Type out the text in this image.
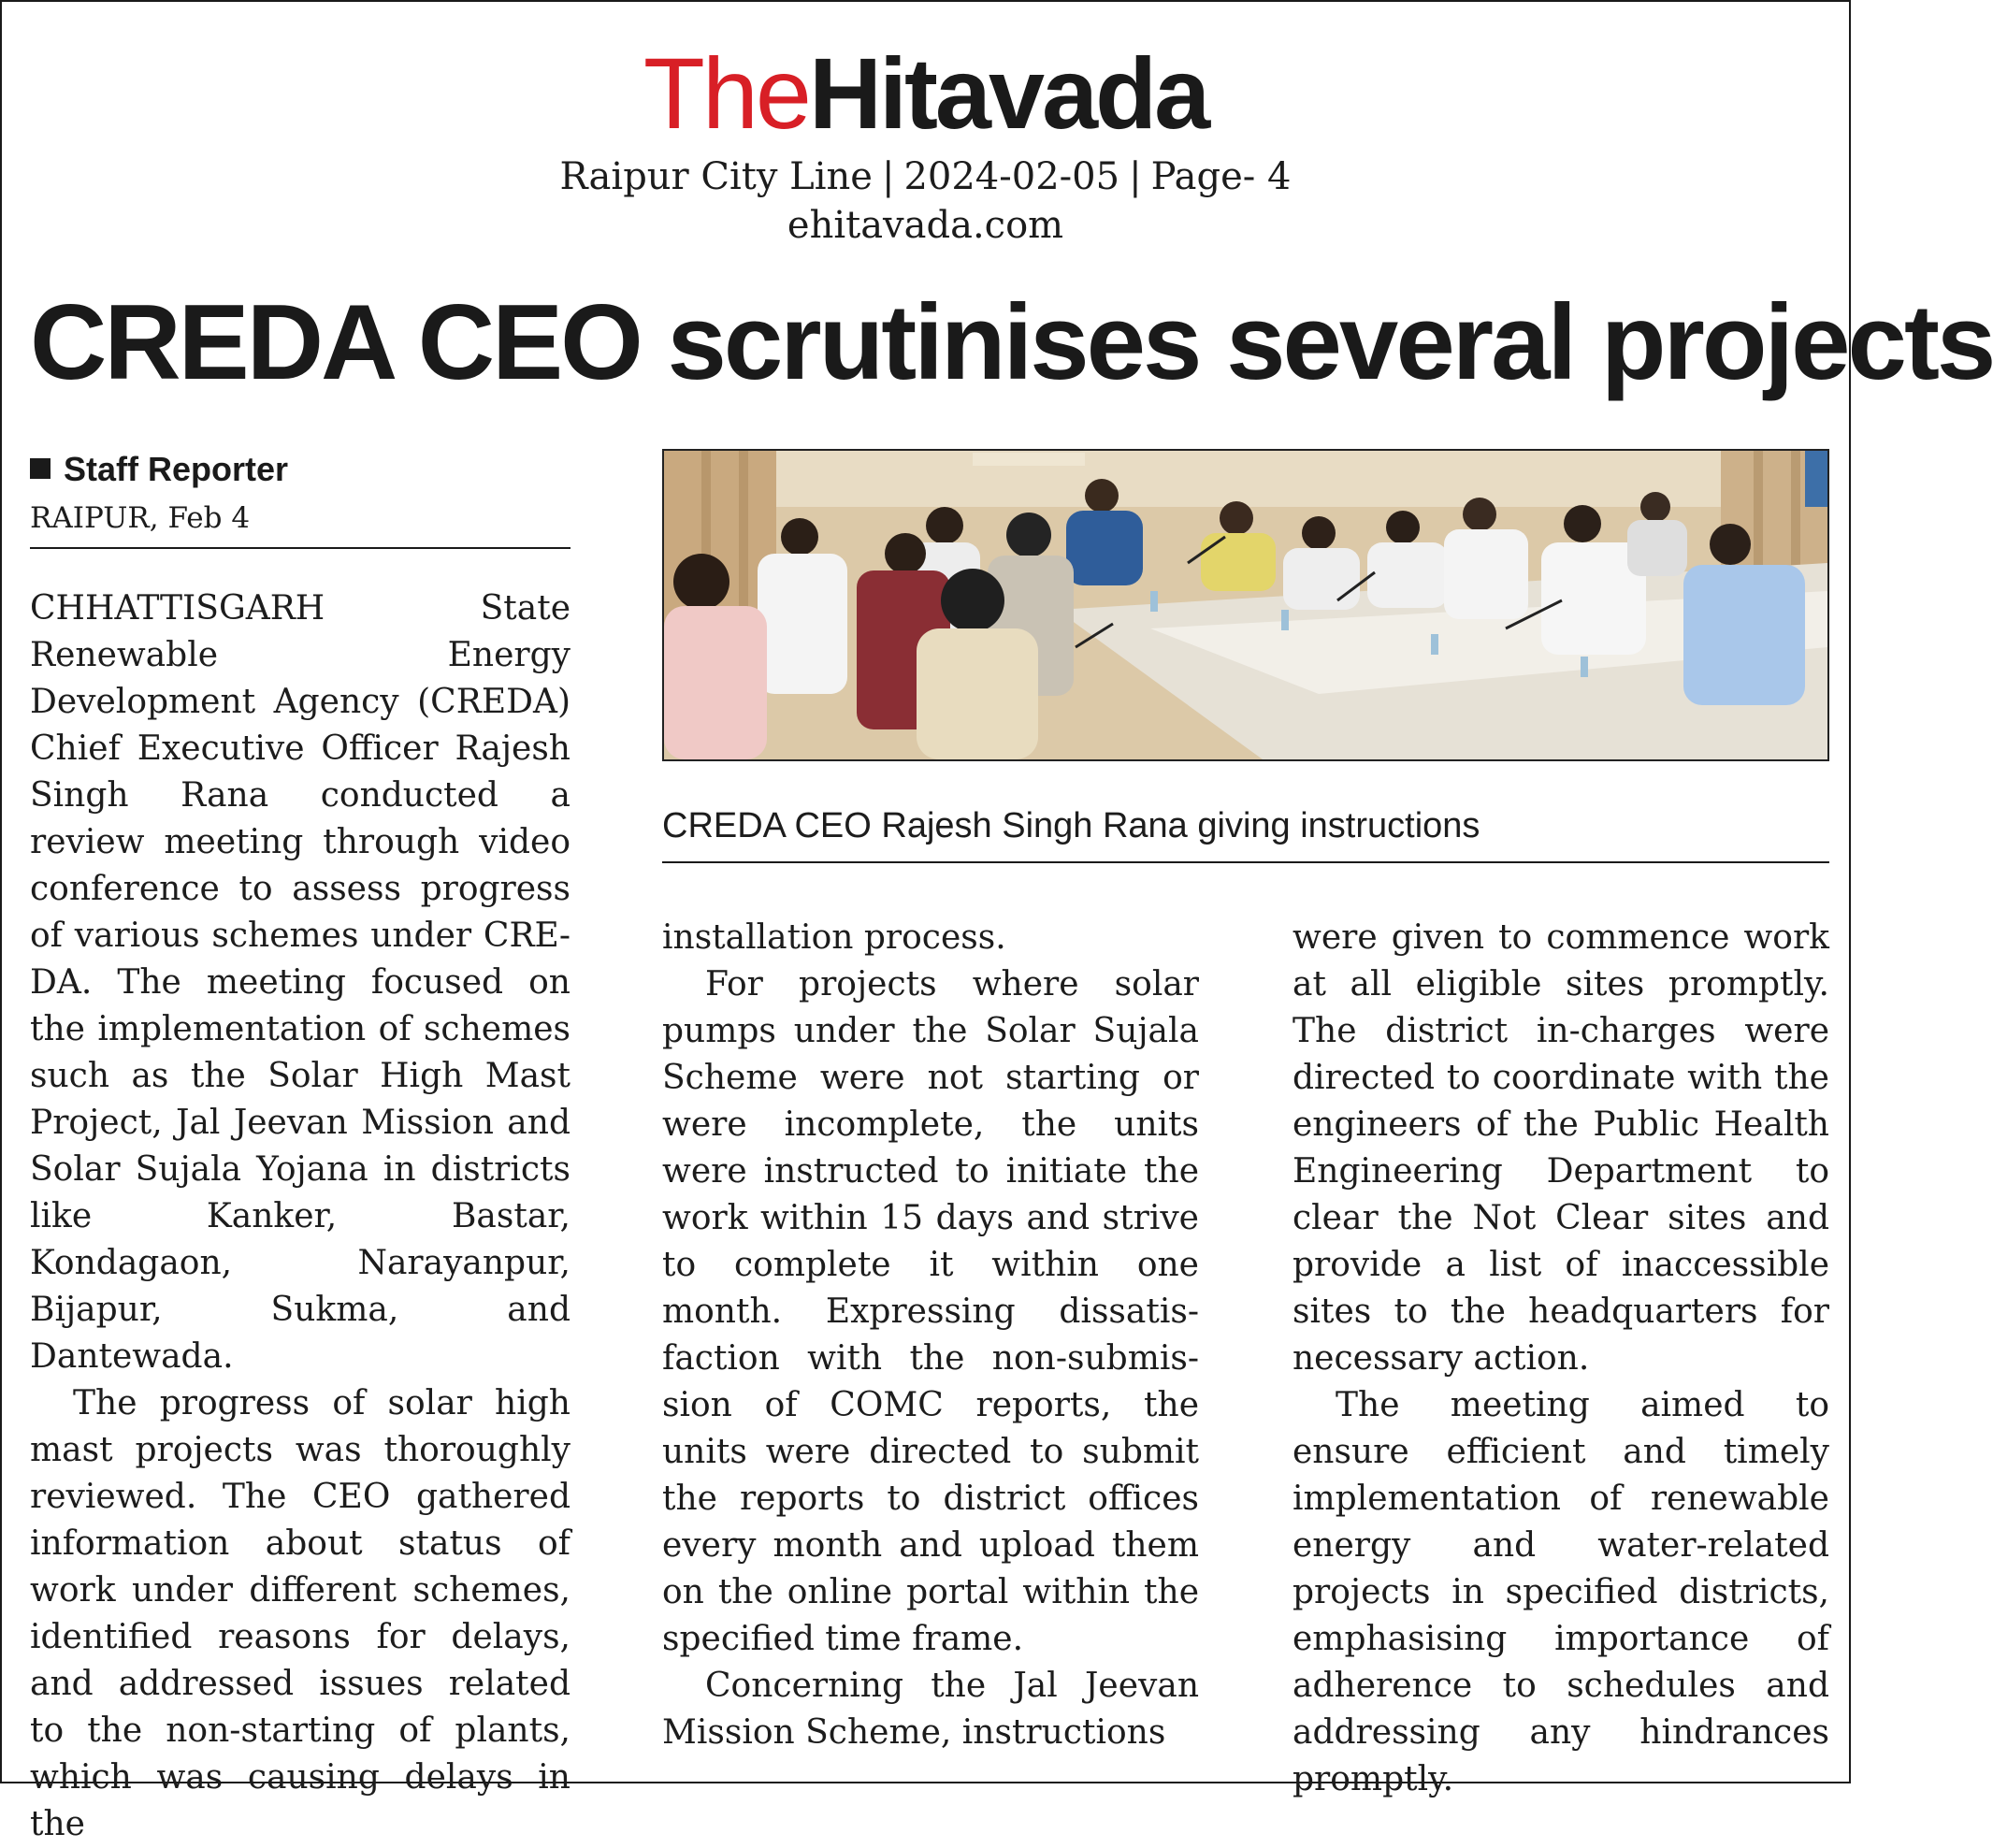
TheHitavada
Raipur City Line | 2024-02-05 | Page- 4
ehitavada.com
CREDA CEO scrutinises several projects
Staff Reporter
RAIPUR, Feb 4
CREDA CEO Rajesh Singh Rana giving instructions

CHHATTISGARH State Renewable Energy Development Agency (CREDA) Chief Executive Officer Rajesh Singh Rana conducted a review meeting through video conference to assess progress of various schemes under CREDA. The meeting focused on the implementation of schemes such as the Solar High Mast Project, Jal Jeevan Mission and Solar Sujala Yojana in districts like Kanker, Bastar, Kondagaon, Narayanpur, Bijapur, Sukma, and Dantewada.

The progress of solar high mast projects was thoroughly reviewed. The CEO gathered information about status of work under different schemes, identified reasons for delays, and addressed issues related to the non-starting of plants, which was causing delays in the

installation process.

For projects where solar pumps under the Solar Sujala Scheme were not starting or were incomplete, the units were instructed to initiate the work within 15 days and strive to complete it within one month. Expressing dissatisfaction with the non-submission of COMC reports, the units were directed to submit the reports to district offices every month and upload them on the online portal within the specified time frame.

Concerning the Jal Jeevan Mission Scheme, instructions

were given to commence work at all eligible sites promptly. The district in-charges were directed to coordinate with the engineers of the Public Health Engineering Department to clear the Not Clear sites and provide a list of inaccessible sites to the headquarters for necessary action.

The meeting aimed to ensure efficient and timely implementation of renewable energy and water-related projects in specified districts, emphasising importance of adherence to schedules and addressing any hindrances promptly.
